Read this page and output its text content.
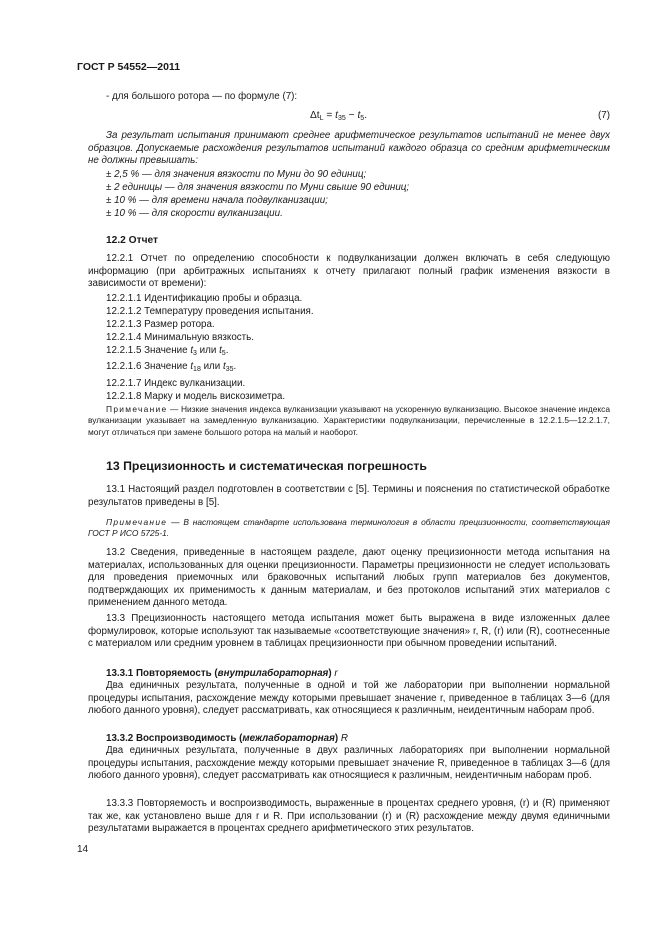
ГОСТ Р 54552—2011

- для большого ротора — по формуле (7):

$\Delta t_L = t_{35} - t_5$.	(7)

За результат испытания принимают среднее арифметическое результатов испытаний не менее двух образцов. Допускаемые расхождения результатов испытаний каждого образца со средним арифметическим не должны превышать:

± 2,5 % — для значения вязкости по Муни до 90 единиц;
± 2 единицы — для значения вязкости по Муни свыше 90 единиц;
± 10 % — для времени начала подвулканизации;
± 10 % — для скорости вулканизации.
12.2 Отчет

12.2.1 Отчет по определению способности к подвулканизации должен включать в себя следующую информацию (при арбитражных испытаниях к отчету прилагают полный график изменения вязкости в зависимости от времени):

12.2.1.1 Идентификацию пробы и образца.
12.2.1.2 Температуру проведения испытания.
12.2.1.3 Размер ротора.
12.2.1.4 Минимальную вязкость.
12.2.1.5 Значение $t_3$ или $t_5$.
12.2.1.6 Значение $t_{18}$ или $t_{35}$.
12.2.1.7 Индекс вулканизации.
12.2.1.8 Марку и модель вискозиметра.

Примечание — Низкие значения индекса вулканизации указывают на ускоренную вулканизацию. Высокое значение индекса вулканизации указывает на замедленную вулканизацию. Характеристики подвулканизации, перечисленные в 12.2.1.5—12.2.1.7, могут отличаться при замене большого ротора на малый и наоборот.

13 Прецизионность и систематическая погрешность

13.1 Настоящий раздел подготовлен в соответствии с [5]. Термины и пояснения по статистической обработке результатов приведены в [5].

Примечание — В настоящем стандарте использована терминология в области прецизионности, соответствующая ГОСТ Р ИСО 5725-1.

13.2 Сведения, приведенные в настоящем разделе, дают оценку прецизионности метода испытания на материалах, использованных для оценки прецизионности. Параметры прецизионности не следует использовать для проведения приемочных или браковочных испытаний любых групп материалов без документов, подтверждающих их применимость к данным материалам, и без протоколов испытаний этих материалов с применением данного метода.

13.3 Прецизионность настоящего метода испытания может быть выражена в виде изложенных далее формулировок, которые используют так называемые «соответствующие значения» r, R, (r) или (R), соотнесенные с материалом или средним уровнем в таблицах прецизионности при обычном проведении испытаний.

13.3.1 Повторяемость (внутрилабораторная) r

Два единичных результата, полученные в одной и той же лаборатории при выполнении нормальной процедуры испытания, расхождение между которыми превышает значение r, приведенное в таблицах 3—6 (для любого данного уровня), следует рассматривать, как относящиеся к различным, неидентичным наборам проб.

13.3.2 Воспроизводимость (межлабораторная) R

Два единичных результата, полученные в двух различных лабораториях при выполнении нормальной процедуры испытания, расхождение между которыми превышает значение R, приведенное в таблицах 3—6 (для любого данного уровня), следует рассматривать как относящиеся к различным, неидентичным наборам проб.

13.3.3 Повторяемость и воспроизводимость, выраженные в процентах среднего уровня, (r) и (R) применяют так же, как установлено выше для r и R. При использовании (r) и (R) расхождение между двумя единичными результатами выражается в процентах среднего арифметического этих результатов.

14
